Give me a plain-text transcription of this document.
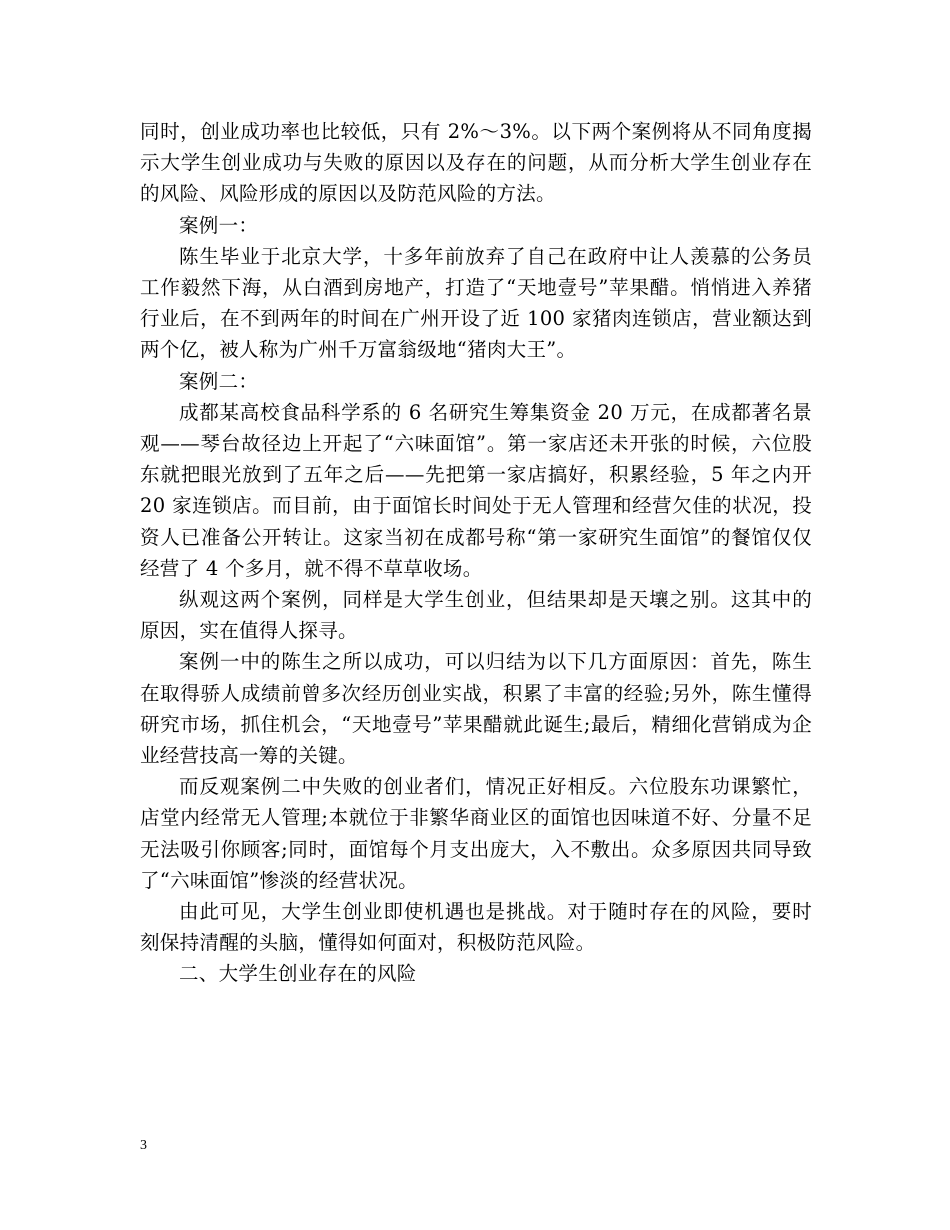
同时，创业成功率也比较低，只有 2%～3%。以下两个案例将从不同角度揭示大学生创业成功与失败的原因以及存在的问题，从而分析大学生创业存在的风险、风险形成的原因以及防范风险的方法。

案例一：

陈生毕业于北京大学，十多年前放弃了自己在政府中让人羡慕的公务员工作毅然下海，从白酒到房地产，打造了“天地壹号”苹果醋。悄悄进入养猪行业后，在不到两年的时间在广州开设了近 100 家猪肉连锁店，营业额达到两个亿，被人称为广州千万富翁级地“猪肉大王”。

案例二：

成都某高校食品科学系的 6 名研究生筹集资金 20 万元，在成都著名景观——琴台故径边上开起了“六味面馆”。第一家店还未开张的时候，六位股东就把眼光放到了五年之后——先把第一家店搞好，积累经验，5 年之内开 20 家连锁店。而目前，由于面馆长时间处于无人管理和经营欠佳的状况，投资人已准备公开转让。这家当初在成都号称“第一家研究生面馆”的餐馆仅仅经营了 4 个多月，就不得不草草收场。

纵观这两个案例，同样是大学生创业，但结果却是天壤之别。这其中的原因，实在值得人探寻。

案例一中的陈生之所以成功，可以归结为以下几方面原因：首先，陈生在取得骄人成绩前曾多次经历创业实战，积累了丰富的经验;另外，陈生懂得研究市场，抓住机会，“天地壹号”苹果醋就此诞生;最后，精细化营销成为企业经营技高一筹的关键。

而反观案例二中失败的创业者们，情况正好相反。六位股东功课繁忙，店堂内经常无人管理;本就位于非繁华商业区的面馆也因味道不好、分量不足无法吸引你顾客;同时，面馆每个月支出庞大，入不敷出。众多原因共同导致了“六味面馆”惨淡的经营状况。

由此可见，大学生创业即使机遇也是挑战。对于随时存在的风险，要时刻保持清醒的头脑，懂得如何面对，积极防范风险。

二、大学生创业存在的风险

3
